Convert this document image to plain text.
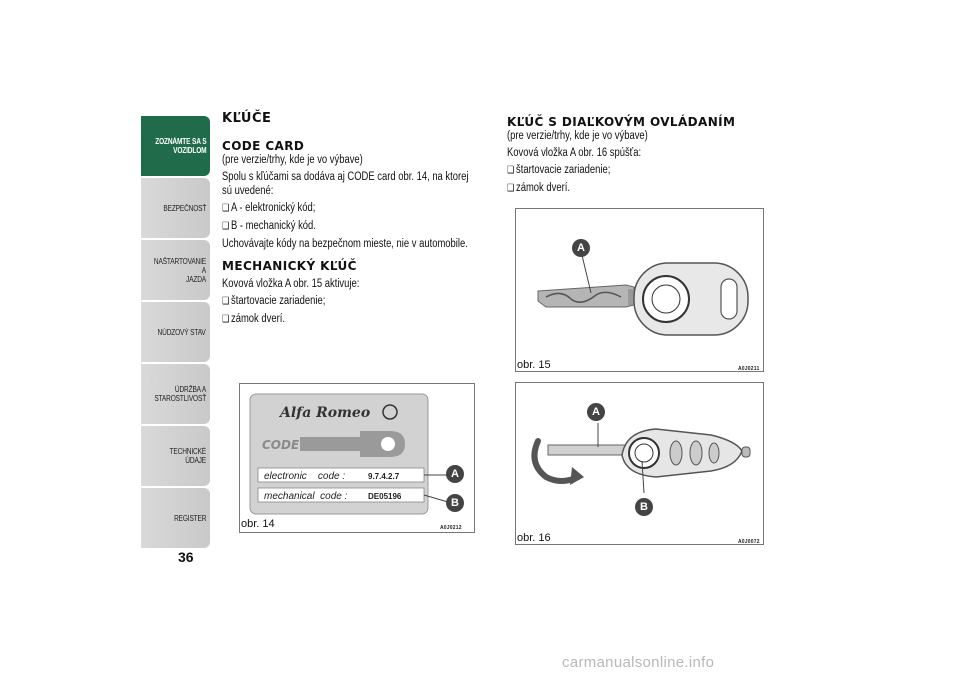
ZOZNÁMTE SA S
VOZIDLOM
BEZPEČNOSŤ
NAŠTARTOVANIE A
JAZDA
NÚDZOVÝ STAV
ÚDRŽBA A
STAROSTLIVOSŤ
TECHNICKÉ ÚDAJE
REGISTER
36
KĽÚČE
CODE CARD

(pre verzie/trhy, kde je vo výbave)

Spolu s kľúčami sa dodáva aj CODE card obr. 14, na ktorej sú uvedené:

❑ A - elektronický kód;

❑ B - mechanický kód.

Uchovávajte kódy na bezpečnom mieste, nie v automobile.

MECHANICKÝ KĽÚČ

Kovová vložka A obr. 15 aktivuje:

❑ štartovacie zariadenie;

❑ zámok dverí.

KĽÚČ S DIAĽKOVÝM OVLÁDANÍM

(pre verzie/trhy, kde je vo výbave)

Kovová vložka A obr. 16 spúšťa:

❑ štartovacie zariadenie;

❑ zámok dverí.

Alfa Romeo
CODE
electronic    code :	9.7.4.2.7
mechanical  code :	DE05196
A
B
obr. 14	A0J0212
A
obr. 15	A0J0211
A
B
obr. 16	A0J0072
carmanualsonline.info
